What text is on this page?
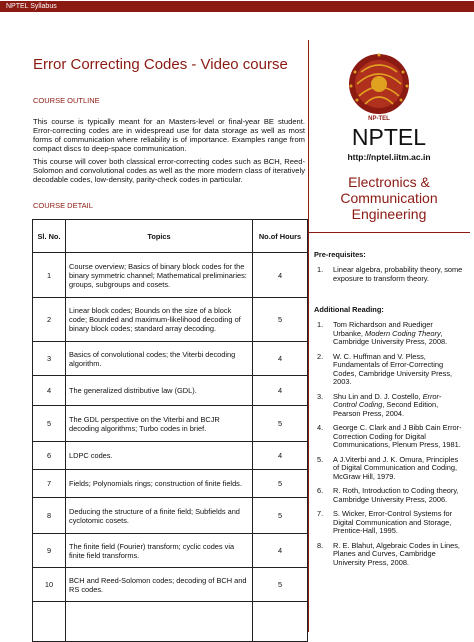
NPTEL Syllabus
Error Correcting Codes - Video course
COURSE OUTLINE
This course is typically meant for an Masters-level or final-year BE student. Error-correcting codes are in widespread use for data storage as well as most forms of communication where reliability is of importance. Examples range from compact discs to deep-space communication.
This course will cover both classical error-correcting codes such as BCH, Reed-Solomon and convolutional codes as well as the more modern class of iteratively decodable codes, low-density, parity-check codes in particular.
COURSE DETAIL
Sl. No.	Topics	No.of Hours
1	Course overview; Basics of binary block codes for the binary symmetric channel; Mathematical preliminaries: groups, subgroups and cosets.	4
2	Linear block codes; Bounds on the size of a block code; Bounded and maximum-likelihood decoding of binary block codes; standard array decoding.	5
3	Basics of convolutional codes; the Viterbi decoding algorithm.	4
4	The generalized distributive law (GDL).	4
5	The GDL perspective on the Viterbi and BCJR decoding algorithms; Turbo codes in brief.	5
6	LDPC codes.	4
7	Fields; Polynomials rings; construction of finite fields.	5
8	Deducing the structure of a finite field; Subfields and cyclotomic cosets.	5
9	The finite field (Fourier) transform; cyclic codes via finite field transforms.	4
10	BCH and Reed-Solomon codes; decoding of BCH and RS codes.	5

NP-TEL
NPTEL
http://nptel.iitm.ac.in
Electronics & Communication Engineering
Pre-requisites:
1. Linear algebra, probability theory, some exposure to transform theory.
Additional Reading:
1. Tom Richardson and Ruediger Urbanke, Modern Coding Theory, Cambridge University Press, 2008.
2. W. C. Huffman and V. Pless, Fundamentals of Error-Correcting Codes, Cambridge University Press, 2003.
3. Shu Lin and D. J. Costello, Error-Control Coding, Second Edition, Pearson Press, 2004.
4. George C. Clark and J Bibb Cain Error-Correction Coding for Digital Communications, Plenum Press, 1981.
5. A J.Viterbi and J. K. Omura, Principles of Digital Communication and Coding, McGraw Hill, 1979.
6. R. Roth, Introduction to Coding theory, Cambridge University Press, 2006.
7. S. Wicker, Error-Control Systems for Digital Communication and Storage, Prentice-Hall, 1995.
8. R. E. Blahut, Algebraic Codes in Lines, Planes and Curves, Cambridge University Press, 2008.
